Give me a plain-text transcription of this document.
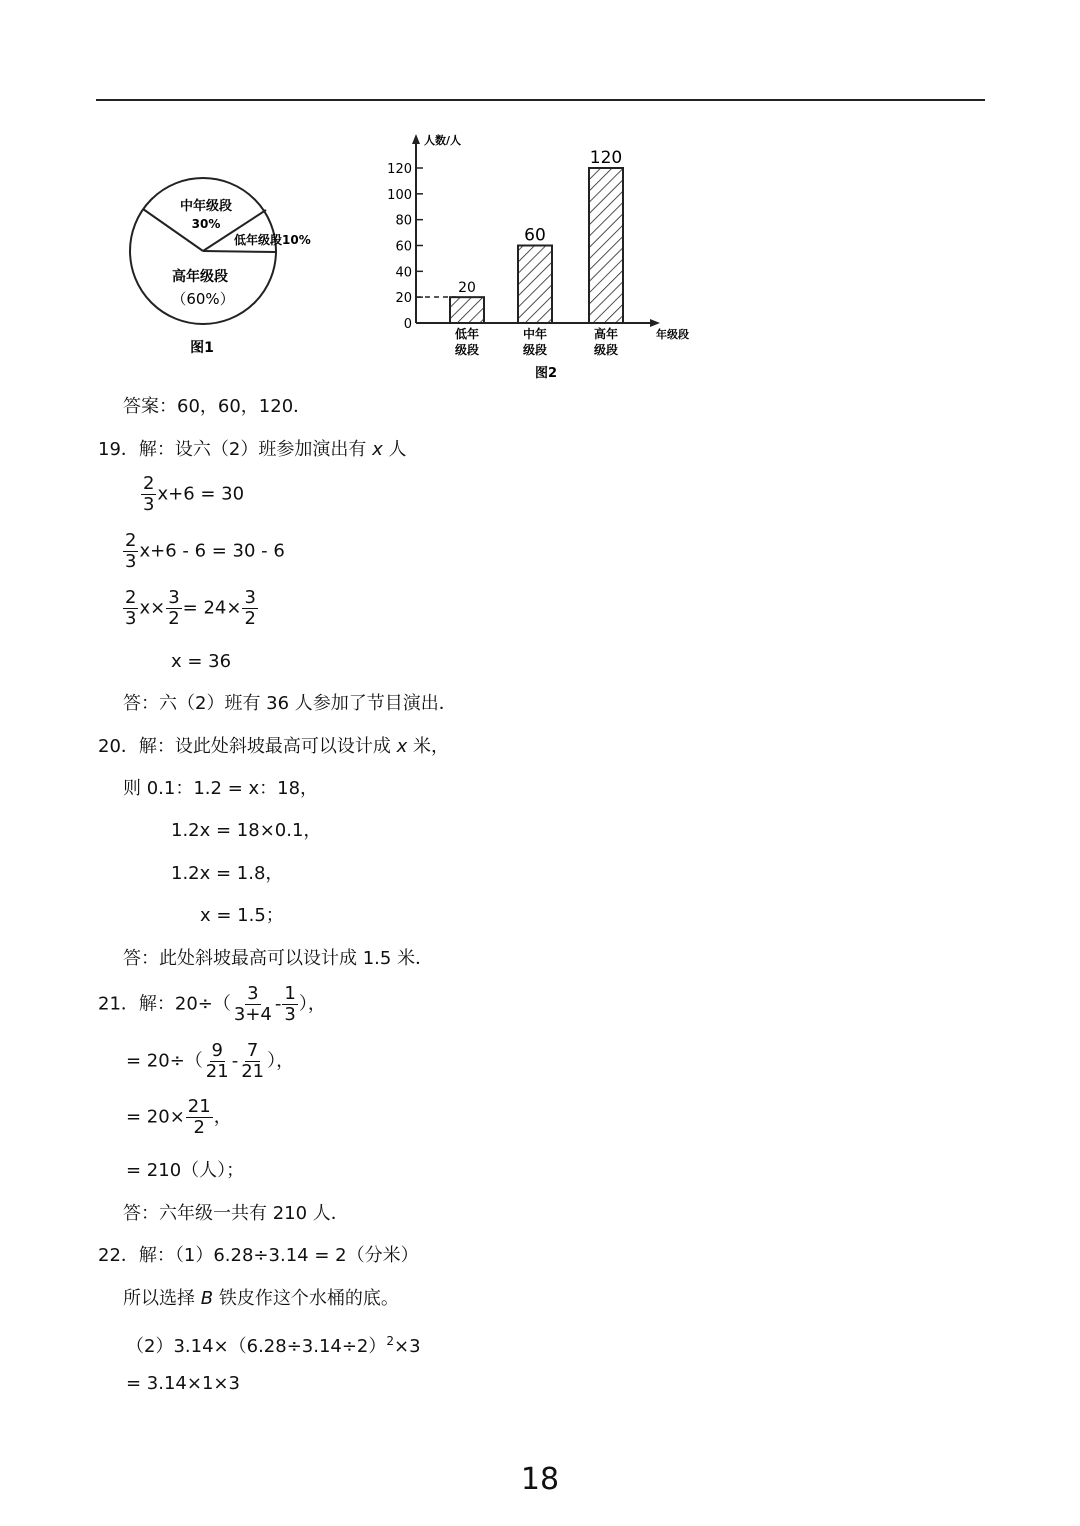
中年级段
30%
低年级段10%
高年级段
（60%）
图1
人数/人
年级段
0
20
40
60
80
100
120
20
低年
级段
60
中年
级段
120
高年
级段
图2
答案：60，60，120．
19．解：设六（2）班参加演出有 x 人
$\frac{2}{3} x+6 = 30$
$\frac{2}{3} x+6 - 6 = 30 - 6$
$\frac{2}{3} x\times \frac{3}{2} = 24\times \frac{3}{2}$
x = 36
答：六（2）班有 36 人参加了节目演出．
20．解：设此处斜坡最高可以设计成 x 米，
则 0.1：1.2 = x：18，
1.2x = 18×0.1，
1.2x = 1.8，
x = 1.5；
答：此处斜坡最高可以设计成 1.5 米．
21．解：$20\div( \frac{3}{3+4} - \frac{1}{3}$ ），
= $20\div( \frac{9}{21} - \frac{7}{21}$ ），
= $20\times \frac{21}{2}$ ，
= 210（人）；
答：六年级一共有 210 人．
22．解：（1）6.28÷3.14 = 2（分米）
所以选择 B 铁皮作这个水桶的底。
$(2)3.14\times(6.28\div 3.14\div 2)^2\times 3$
= 3.14×1×3
18
